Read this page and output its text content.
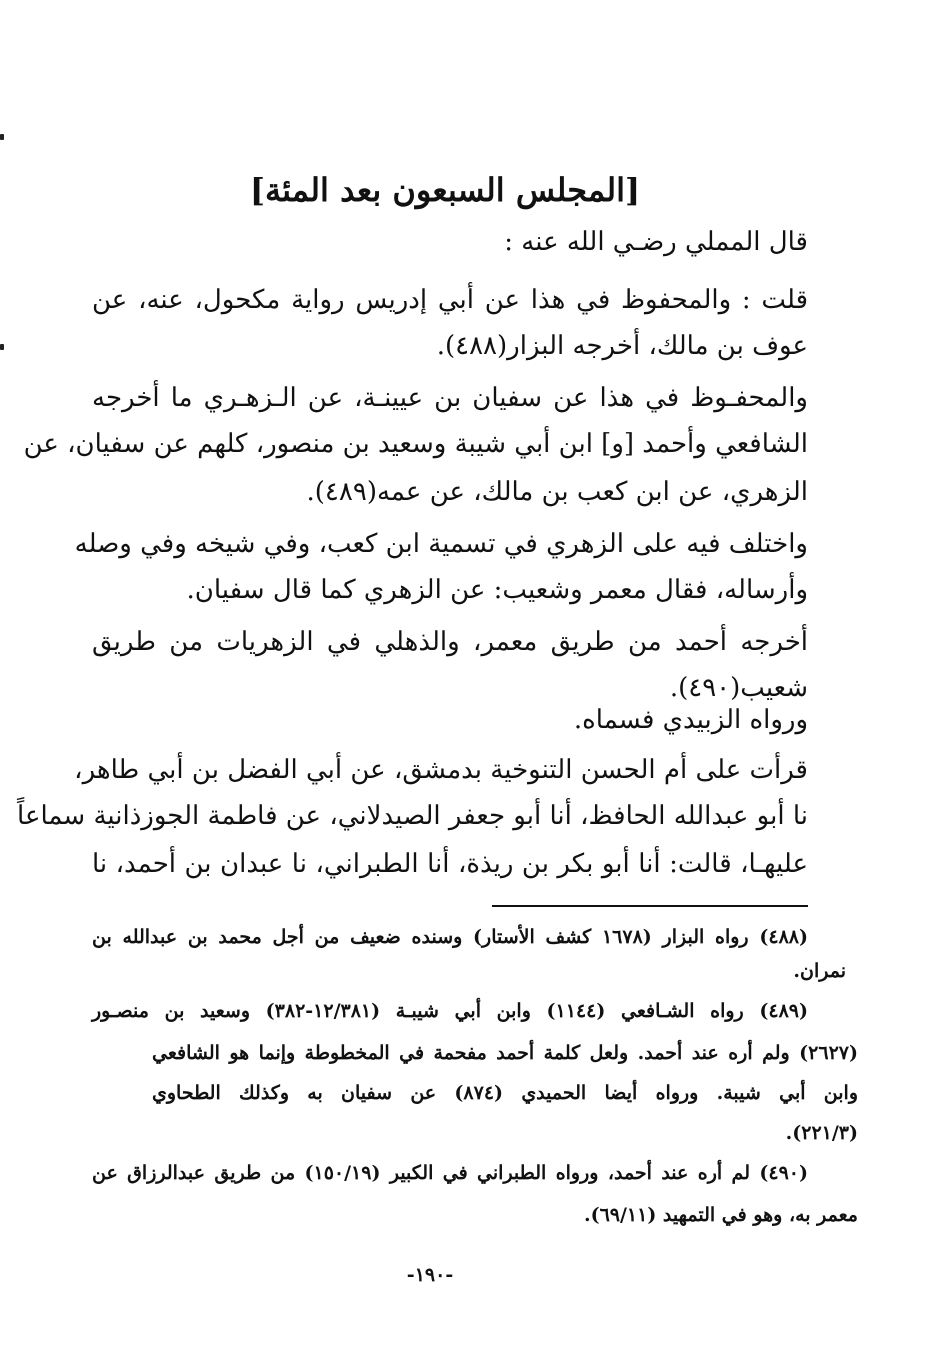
[المجلس السبعون بعد المئة]
قال المملي رضـي الله عنه :
قلت : والمحفوظ في هذا عن أبي إدريس رواية مكحول، عنه، عن
عوف بن مالك، أخرجه البزار(٤٨٨).
والمحفـوظ في هذا عن سفيان بن عيينـة، عن الـزهـري ما أخرجه
الشافعي وأحمد [و] ابن أبي شيبة وسعيد بن منصور، كلهم عن سفيان، عن
الزهري، عن ابن كعب بن مالك، عن عمه(٤٨٩).
واختلف فيه على الزهري في تسمية ابن كعب، وفي شيخه وفي وصله
وأرساله، فقال معمر وشعيب: عن الزهري كما قال سفيان.
أخرجه أحمد من طريق معمر، والذهلي في الزهريات من طريق
شعيب(٤٩٠).
ورواه الزبيدي فسماه.
قرأت على أم الحسن التنوخية بدمشق، عن أبي الفضل بن أبي طاهر،
نا أبو عبدالله الحافظ، أنا أبو جعفر الصيدلاني، عن فاطمة الجوزذانية سماعاً
عليهـا، قالت: أنا أبو بكر بن ريذة، أنا الطبراني، نا عبدان بن أحمد، نا
(٤٨٨) رواه البزار (١٦٧٨ كشف الأستار) وسنده ضعيف من أجل محمد بن عبدالله بن
نمران.
(٤٨٩) رواه الشـافعي (١١٤٤) وابن أبي شيبـة (١٢/٣٨١-٣٨٢) وسعيد بن منصـور
(٢٦٢٧) ولم أره عند أحمد. ولعل كلمة أحمد مفحمة في المخطوطة وإنما هو الشافعي
وابن أبي شيبة. ورواه أيضا الحميدي (٨٧٤) عن سفيان به وكذلك الطحاوي
(٢٢١/٣).
(٤٩٠) لم أره عند أحمد، ورواه الطبراني في الكبير (١٥٠/١٩) من طريق عبدالرزاق عن
معمر به، وهو في التمهيد (٦٩/١١).
-١٩٠-
